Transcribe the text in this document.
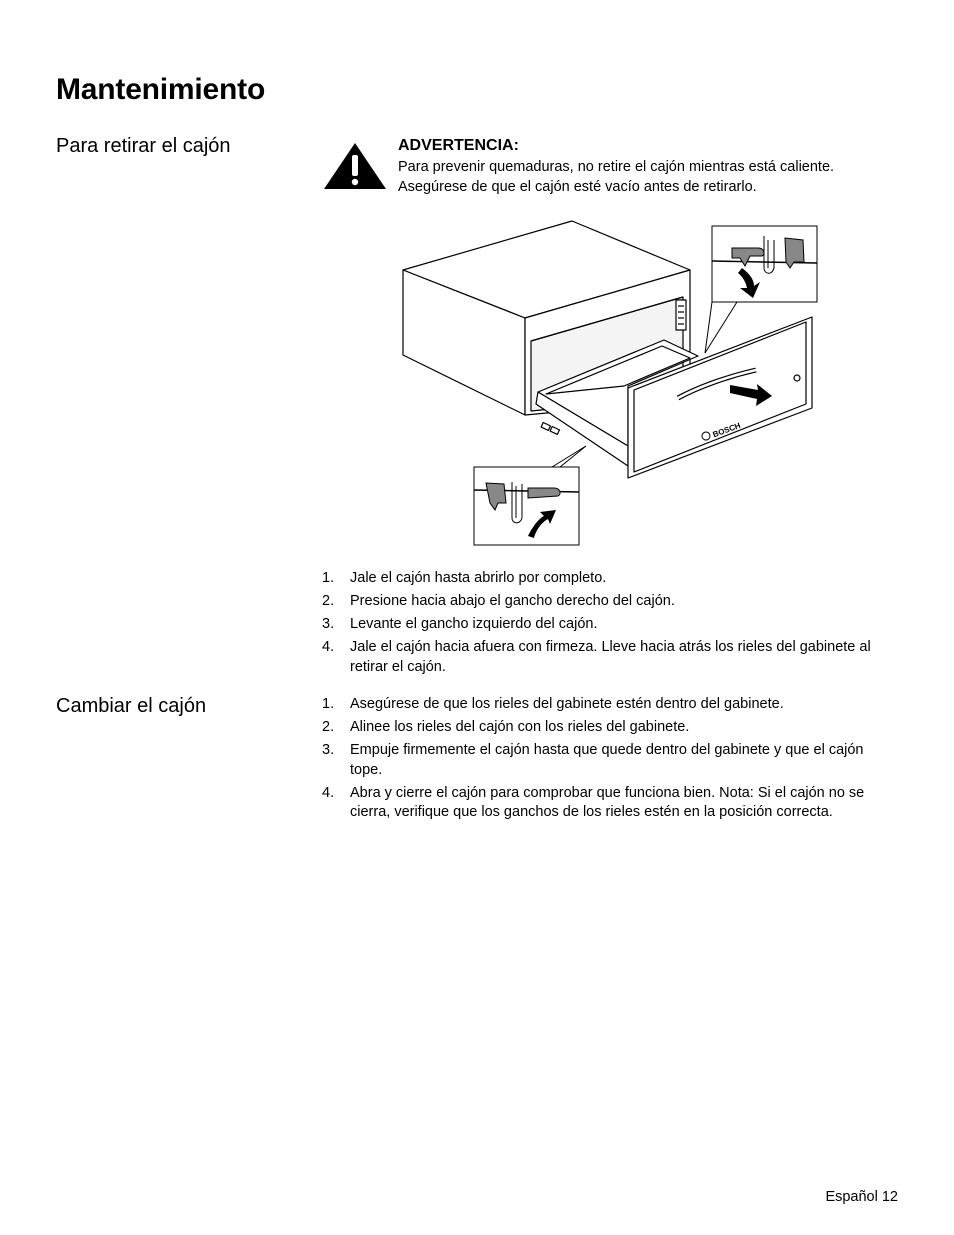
Mantenimiento
Para retirar el cajón	ADVERTENCIA:
Para prevenir quemaduras, no retire el cajón mientras está caliente.
Asegúrese de que el cajón esté vacío antes de retirarlo.
BOSCH
1.	Jale el cajón hasta abrirlo por completo.
2.	Presione hacia abajo el gancho derecho del cajón.
3.	Levante el gancho izquierdo del cajón.
4.	Jale el cajón hacia afuera con firmeza. Lleve hacia atrás los rieles del gabinete al retirar el cajón.
Cambiar el cajón	1.	Asegúrese de que los rieles del gabinete estén dentro del gabinete.
2.	Alinee los rieles del cajón con los rieles del gabinete.
3.	Empuje firmemente el cajón hasta que quede dentro del gabinete y que el cajón tope.
4.	Abra y cierre el cajón para comprobar que funciona bien. Nota: Si el cajón no se cierra, verifique que los ganchos de los rieles estén en la posición correcta.
Español 12
